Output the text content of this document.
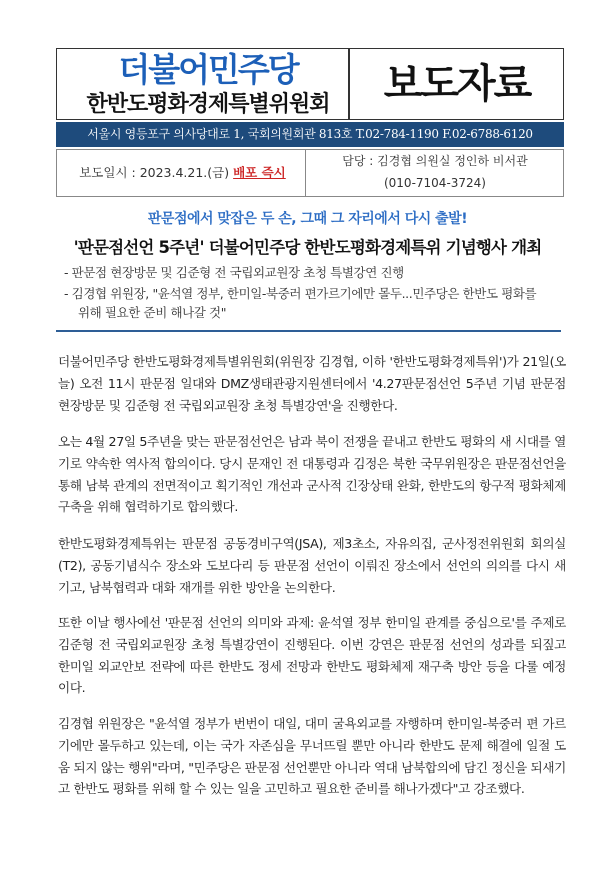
더불어민주당
한반도평화경제특별위원회	보도자료
서울시 영등포구 의사당대로 1, 국회의원회관 813호 T.02-784-1190 F.02-6788-6120
보도일시 : 2023.4.21.(금) 배포 즉시
담당 : 김경협 의원실 정인하 비서관
(010-7104-3724)
판문점에서 맞잡은 두 손, 그때 그 자리에서 다시 출발!
'판문점선언 5주년' 더불어민주당 한반도평화경제특위 기념행사 개최
- 판문점 현장방문 및 김준형 전 국립외교원장 초청 특별강연 진행
- 김경협 위원장, "윤석열 정부, 한미일-북중러 편가르기에만 몰두...민주당은 한반도 평화를
위해 필요한 준비 해나갈 것"

더불어민주당 한반도평화경제특별위원회(위원장 김경협, 이하 '한반도평화경제특위')가 21일(오늘) 오전 11시 판문점 일대와 DMZ생태관광지원센터에서 '4.27판문점선언 5주년 기념 판문점 현장방문 및 김준형 전 국립외교원장 초청 특별강연'을 진행한다.

오는 4월 27일 5주년을 맞는 판문점선언은 남과 북이 전쟁을 끝내고 한반도 평화의 새 시대를 열기로 약속한 역사적 합의이다. 당시 문재인 전 대통령과 김정은 북한 국무위원장은 판문점선언을 통해 남북 관계의 전면적이고 획기적인 개선과 군사적 긴장상태 완화, 한반도의 항구적 평화체제 구축을 위해 협력하기로 합의했다.

한반도평화경제특위는 판문점 공동경비구역(JSA), 제3초소, 자유의집, 군사정전위원회 회의실(T2), 공동기념식수 장소와 도보다리 등 판문점 선언이 이뤄진 장소에서 선언의 의의를 다시 새기고, 남북협력과 대화 재개를 위한 방안을 논의한다.

또한 이날 행사에선 '판문점 선언의 의미와 과제: 윤석열 정부 한미일 관계를 중심으로'를 주제로 김준형 전 국립외교원장 초청 특별강연이 진행된다. 이번 강연은 판문점 선언의 성과를 되짚고 한미일 외교안보 전략에 따른 한반도 정세 전망과 한반도 평화체제 재구축 방안 등을 다룰 예정이다.

김경협 위원장은 "윤석열 정부가 번번이 대일, 대미 굴욕외교를 자행하며 한미일-북중러 편 가르기에만 몰두하고 있는데, 이는 국가 자존심을 무너뜨릴 뿐만 아니라 한반도 문제 해결에 일절 도움 되지 않는 행위"라며, "민주당은 판문점 선언뿐만 아니라 역대 남북합의에 담긴 정신을 되새기고 한반도 평화를 위해 할 수 있는 일을 고민하고 필요한 준비를 해나가겠다"고 강조했다.
